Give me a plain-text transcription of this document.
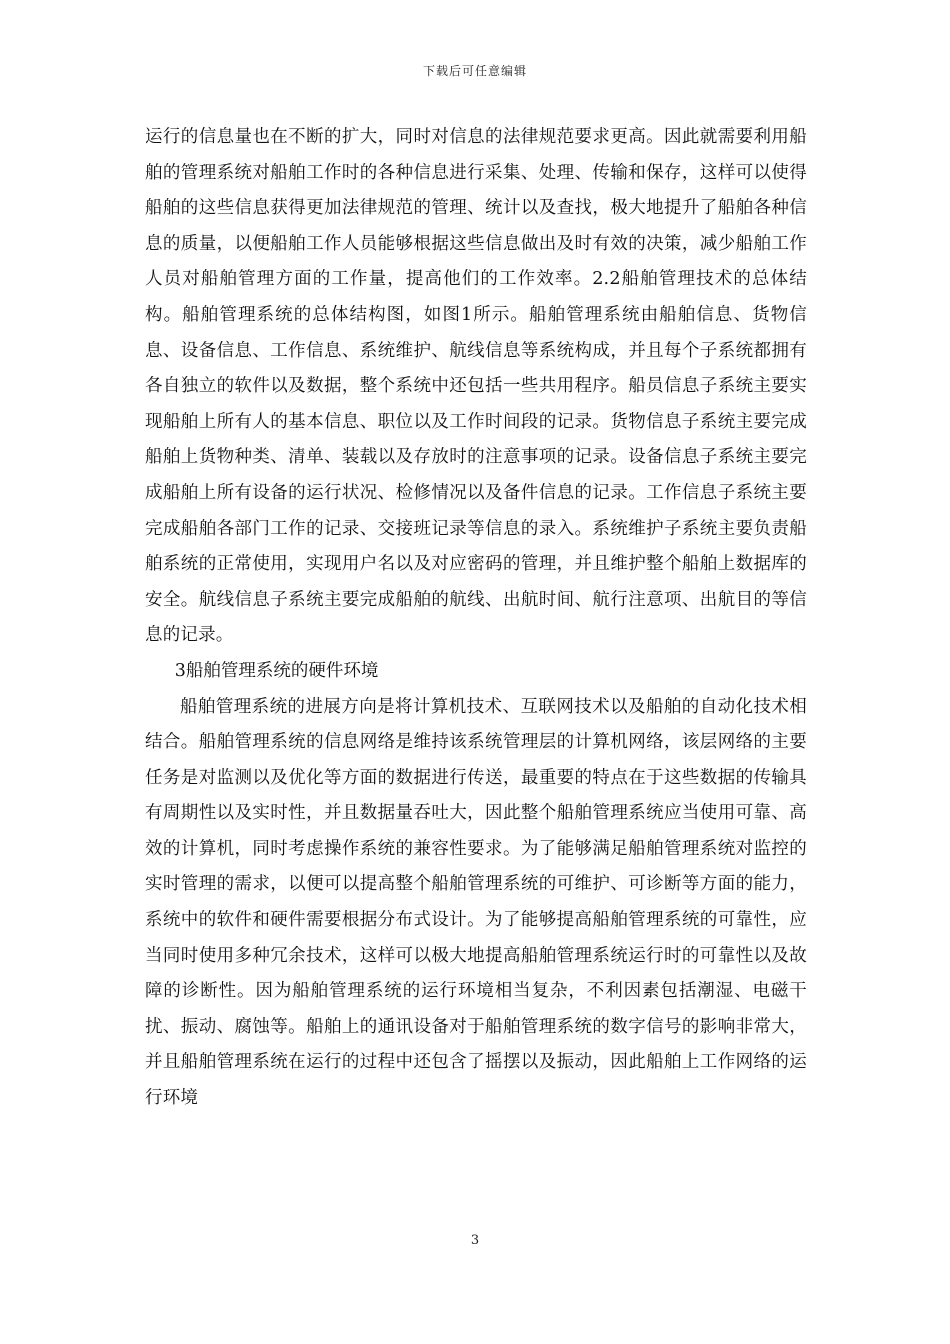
下载后可任意编辑

运行的信息量也在不断的扩大，同时对信息的法律规范要求更高。因此就需要利用船舶的管理系统对船舶工作时的各种信息进行采集、处理、传输和保存，这样可以使得船舶的这些信息获得更加法律规范的管理、统计以及查找，极大地提升了船舶各种信息的质量，以便船舶工作人员能够根据这些信息做出及时有效的决策，减少船舶工作人员对船舶管理方面的工作量，提高他们的工作效率。2.2船舶管理技术的总体结构。船舶管理系统的总体结构图，如图1所示。船舶管理系统由船舶信息、货物信息、设备信息、工作信息、系统维护、航线信息等系统构成，并且每个子系统都拥有各自独立的软件以及数据，整个系统中还包括一些共用程序。船员信息子系统主要实现船舶上所有人的基本信息、职位以及工作时间段的记录。货物信息子系统主要完成船舶上货物种类、清单、装载以及存放时的注意事项的记录。设备信息子系统主要完成船舶上所有设备的运行状况、检修情况以及备件信息的记录。工作信息子系统主要完成船舶各部门工作的记录、交接班记录等信息的录入。系统维护子系统主要负责船舶系统的正常使用，实现用户名以及对应密码的管理，并且维护整个船舶上数据库的安全。航线信息子系统主要完成船舶的航线、出航时间、航行注意项、出航目的等信息的记录。

3船舶管理系统的硬件环境

船舶管理系统的进展方向是将计算机技术、互联网技术以及船舶的自动化技术相结合。船舶管理系统的信息网络是维持该系统管理层的计算机网络，该层网络的主要任务是对监测以及优化等方面的数据进行传送，最重要的特点在于这些数据的传输具有周期性以及实时性，并且数据量吞吐大，因此整个船舶管理系统应当使用可靠、高效的计算机，同时考虑操作系统的兼容性要求。为了能够满足船舶管理系统对监控的实时管理的需求，以便可以提高整个船舶管理系统的可维护、可诊断等方面的能力，系统中的软件和硬件需要根据分布式设计。为了能够提高船舶管理系统的可靠性，应当同时使用多种冗余技术，这样可以极大地提高船舶管理系统运行时的可靠性以及故障的诊断性。因为船舶管理系统的运行环境相当复杂，不利因素包括潮湿、电磁干扰、振动、腐蚀等。船舶上的通讯设备对于船舶管理系统的数字信号的影响非常大，并且船舶管理系统在运行的过程中还包含了摇摆以及振动，因此船舶上工作网络的运行环境

3
